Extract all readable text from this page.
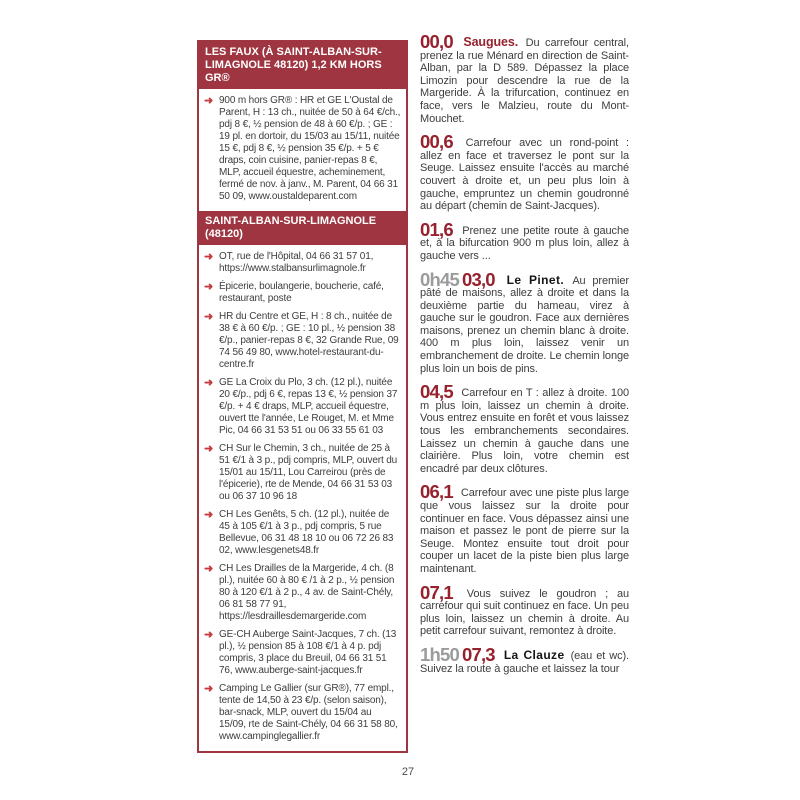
LES FAUX (À SAINT-ALBAN-SUR-LIMAGNOLE 48120) 1,2 KM HORS GR®
➜ 900 m hors GR® : HR et GE L'Oustal de Parent, H : 13 ch., nuitée de 50 à 64 €/ch., pdj 8 €, ½ pension de 48 à 60 €/p. ; GE : 19 pl. en dortoir, du 15/03 au 15/11, nuitée 15 €, pdj 8 €, ½ pension 35 €/p. + 5 € draps, coin cuisine, panier-repas 8 €, MLP, accueil équestre, acheminement, fermé de nov. à janv., M. Parent, 04 66 31 50 09, www.oustaldeparent.com
SAINT-ALBAN-SUR-LIMAGNOLE (48120)
➜ OT, rue de l'Hôpital, 04 66 31 57 01, https://www.stalbansurlimagnole.fr
➜ Épicerie, boulangerie, boucherie, café, restaurant, poste
➜ HR du Centre et GE, H : 8 ch., nuitée de 38 € à 60 €/p. ; GE : 10 pl., ½ pension 38 €/p., panier-repas 8 €, 32 Grande Rue, 09 74 56 49 80, www.hotel-restaurant-du-centre.fr
➜ GE La Croix du Plo, 3 ch. (12 pl.), nuitée 20 €/p., pdj 6 €, repas 13 €, ½ pension 37 €/p. + 4 € draps, MLP, accueil équestre, ouvert tte l'année, Le Rouget, M. et Mme Pic, 04 66 31 53 51 ou 06 33 55 61 03
➜ CH Sur le Chemin, 3 ch., nuitée de 25 à 51 €/1 à 3 p., pdj compris, MLP, ouvert du 15/01 au 15/11, Lou Carreirou (près de l'épicerie), rte de Mende, 04 66 31 53 03 ou 06 37 10 96 18
➜ CH Les Genêts, 5 ch. (12 pl.), nuitée de 45 à 105 €/1 à 3 p., pdj compris, 5 rue Bellevue, 06 31 48 18 10 ou 06 72 26 83 02, www.lesgenets48.fr
➜ CH Les Drailles de la Margeride, 4 ch. (8 pl.), nuitée 60 à 80 € /1 à 2 p., ½ pension 80 à 120 €/1 à 2 p., 4 av. de Saint-Chély, 06 81 58 77 91, https://lesdraillesdemargeride.com
➜ GE-CH Auberge Saint-Jacques, 7 ch. (13 pl.), ½ pension 85 à 108 €/1 à 4 p. pdj compris, 3 place du Breuil, 04 66 31 51 76, www.auberge-saint-jacques.fr
➜ Camping Le Gallier (sur GR®), 77 empl., tente de 14,50 à 23 €/p. (selon saison), bar-snack, MLP, ouvert du 15/04 au 15/09, rte de Saint-Chély, 04 66 31 58 80, www.campinglegallier.fr

00,0 Saugues. Du carrefour central, prenez la rue Ménard en direction de Saint-Alban, par la D 589. Dépassez la place Limozin pour descendre la rue de la Margeride. À la trifurcation, continuez en face, vers le Malzieu, route du Mont-Mouchet.

00,6 Carrefour avec un rond-point : allez en face et traversez le pont sur la Seuge. Laissez ensuite l'accès au marché couvert à droite et, un peu plus loin à gauche, empruntez un chemin goudronné au départ (chemin de Saint-Jacques).

01,6 Prenez une petite route à gauche et, à la bifurcation 900 m plus loin, allez à gauche vers ...

0h45 03,0 Le Pinet. Au premier pâté de maisons, allez à droite et dans la deuxième partie du hameau, virez à gauche sur le goudron. Face aux dernières maisons, prenez un chemin blanc à droite. 400 m plus loin, laissez venir un embranchement de droite. Le chemin longe plus loin un bois de pins.

04,5 Carrefour en T : allez à droite. 100 m plus loin, laissez un chemin à droite. Vous entrez ensuite en forêt et vous laissez tous les embranchements secondaires. Laissez un chemin à gauche dans une clairière. Plus loin, votre chemin est encadré par deux clôtures.

06,1 Carrefour avec une piste plus large que vous laissez sur la droite pour continuer en face. Vous dépassez ainsi une maison et passez le pont de pierre sur la Seuge. Montez ensuite tout droit pour couper un lacet de la piste bien plus large maintenant.

07,1 Vous suivez le goudron ; au carrefour qui suit continuez en face. Un peu plus loin, laissez un chemin à droite. Au petit carrefour suivant, remontez à droite.

1h50 07,3 La Clauze (eau et wc). Suivez la route à gauche et laissez la tour

27
